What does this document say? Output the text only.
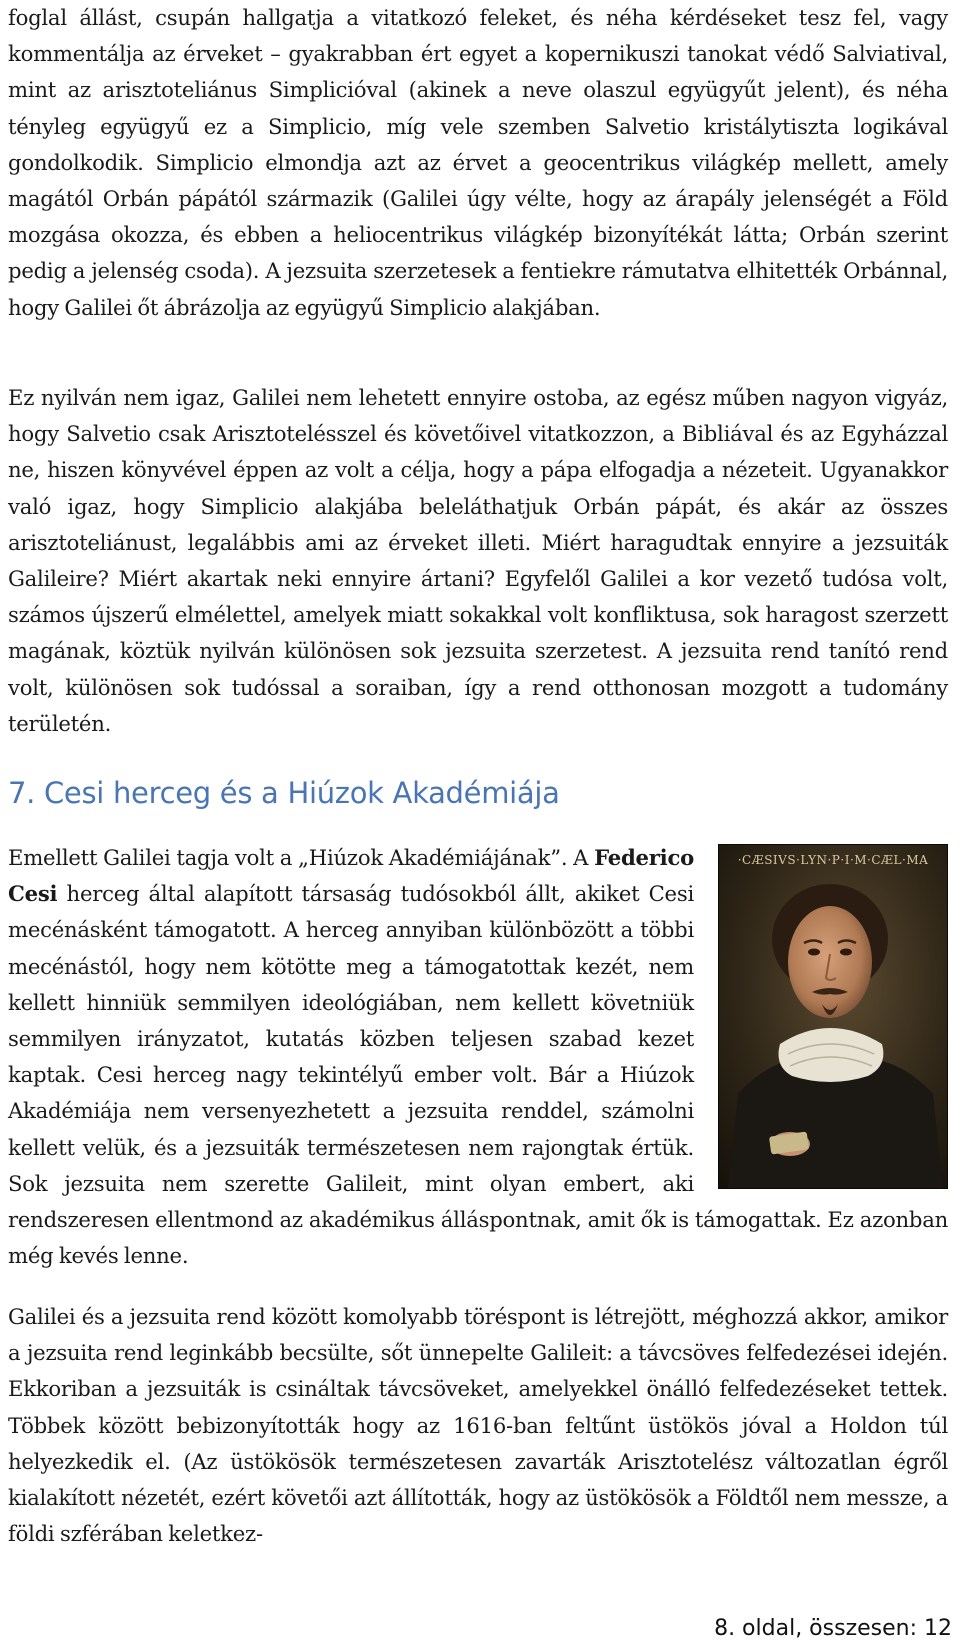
foglal állást, csupán hallgatja a vitatkozó feleket, és néha kérdéseket tesz fel, vagy kommentálja az érveket – gyakrabban ért egyet a kopernikuszi tanokat védő Salviatival, mint az arisztoteliánus Simplicióval (akinek a neve olaszul együgyűt jelent), és néha tényleg együgyű ez a Simplicio, míg vele szemben Salvetio kristálytiszta logikával gondolkodik. Simplicio elmondja azt az érvet a geocentrikus világkép mellett, amely magától Orbán pápától származik (Galilei úgy vélte, hogy az árapály jelenségét a Föld mozgása okozza, és ebben a heliocentrikus világkép bizonyítékát látta; Orbán szerint pedig a jelenség csoda). A jezsuita szerzetesek a fentiekre rámutatva elhitették Orbánnal, hogy Galilei őt ábrázolja az együgyű Simplicio alakjában.

Ez nyilván nem igaz, Galilei nem lehetett ennyire ostoba, az egész műben nagyon vigyáz, hogy Salvetio csak Arisztotelésszel és követőivel vitatkozzon, a Bibliával és az Egyházzal ne, hiszen könyvével éppen az volt a célja, hogy a pápa elfogadja a nézeteit. Ugyanakkor való igaz, hogy Simplicio alakjába beleláthatjuk Orbán pápát, és akár az összes arisztoteliánust, legalábbis ami az érveket illeti. Miért haragudtak ennyire a jezsuiták Galileire? Miért akartak neki ennyire ártani? Egyfelől Galilei a kor vezető tudósa volt, számos újszerű elmélettel, amelyek miatt sokakkal volt konfliktusa, sok haragost szerzett magának, köztük nyilván különösen sok jezsuita szerzetest. A jezsuita rend tanító rend volt, különösen sok tudóssal a soraiban, így a rend otthonosan mozgott a tudomány területén.

7. Cesi herceg és a Hiúzok Akadémiája
·CÆSIVS·LYN·P·I·M·CÆL·MA
Emellett Galilei tagja volt a „Hiúzok Akadémiájának”. A Federico Cesi herceg által alapított társaság tudósokból állt, akiket Cesi mecénásként támogatott. A herceg annyiban különbözött a többi mecénástól, hogy nem kötötte meg a támogatottak kezét, nem kellett hinniük semmilyen ideológiában, nem kellett követniük semmilyen irányzatot, kutatás közben teljesen szabad kezet kaptak. Cesi herceg nagy tekintélyű ember volt. Bár a Hiúzok Akadémiája nem versenyezhetett a jezsuita renddel, számolni kellett velük, és a jezsuiták természetesen nem rajongtak értük. Sok jezsuita nem szerette Galileit, mint olyan embert, aki rendszeresen ellentmond az akadémikus álláspontnak, amit ők is támogattak. Ez azonban még kevés lenne.

Galilei és a jezsuita rend között komolyabb töréspont is létrejött, méghozzá akkor, amikor a jezsuita rend leginkább becsülte, sőt ünnepelte Galileit: a távcsöves felfedezései idején. Ekkoriban a jezsuiták is csináltak távcsöveket, amelyekkel önálló felfedezéseket tettek. Többek között bebizonyították hogy az 1616-ban feltűnt üstökös jóval a Holdon túl helyezkedik el. (Az üstökösök természetesen zavarták Arisztotelész változatlan égről kialakított nézetét, ezért követői azt állították, hogy az üstökösök a Földtől nem messze, a földi szférában keletkez-

8. oldal, összesen: 12
